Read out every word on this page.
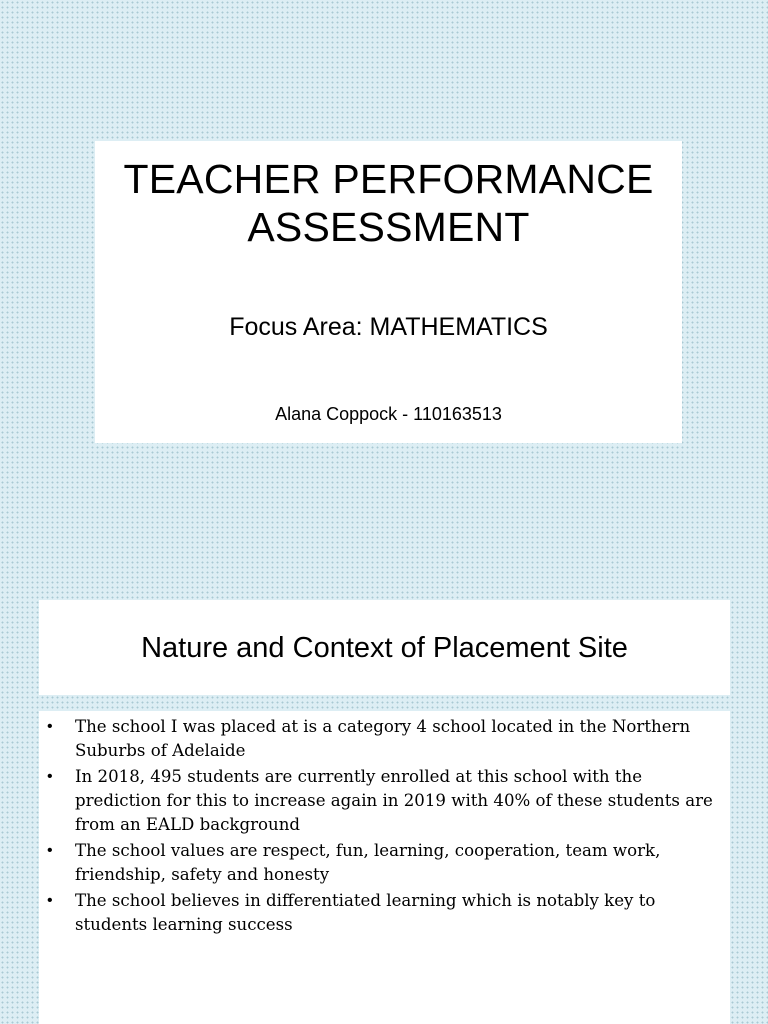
TEACHER PERFORMANCE
ASSESSMENT
Focus Area: MATHEMATICS
Alana Coppock - 110163513
Nature and Context of Placement Site
• The school I was placed at is a category 4 school located in the Northern Suburbs of Adelaide
• In 2018, 495 students are currently enrolled at this school with the prediction for this to increase again in 2019 with 40% of these students are from an EALD background
• The school values are respect, fun, learning, cooperation, team work, friendship, safety and honesty
• The school believes in differentiated learning which is notably key to students learning success
